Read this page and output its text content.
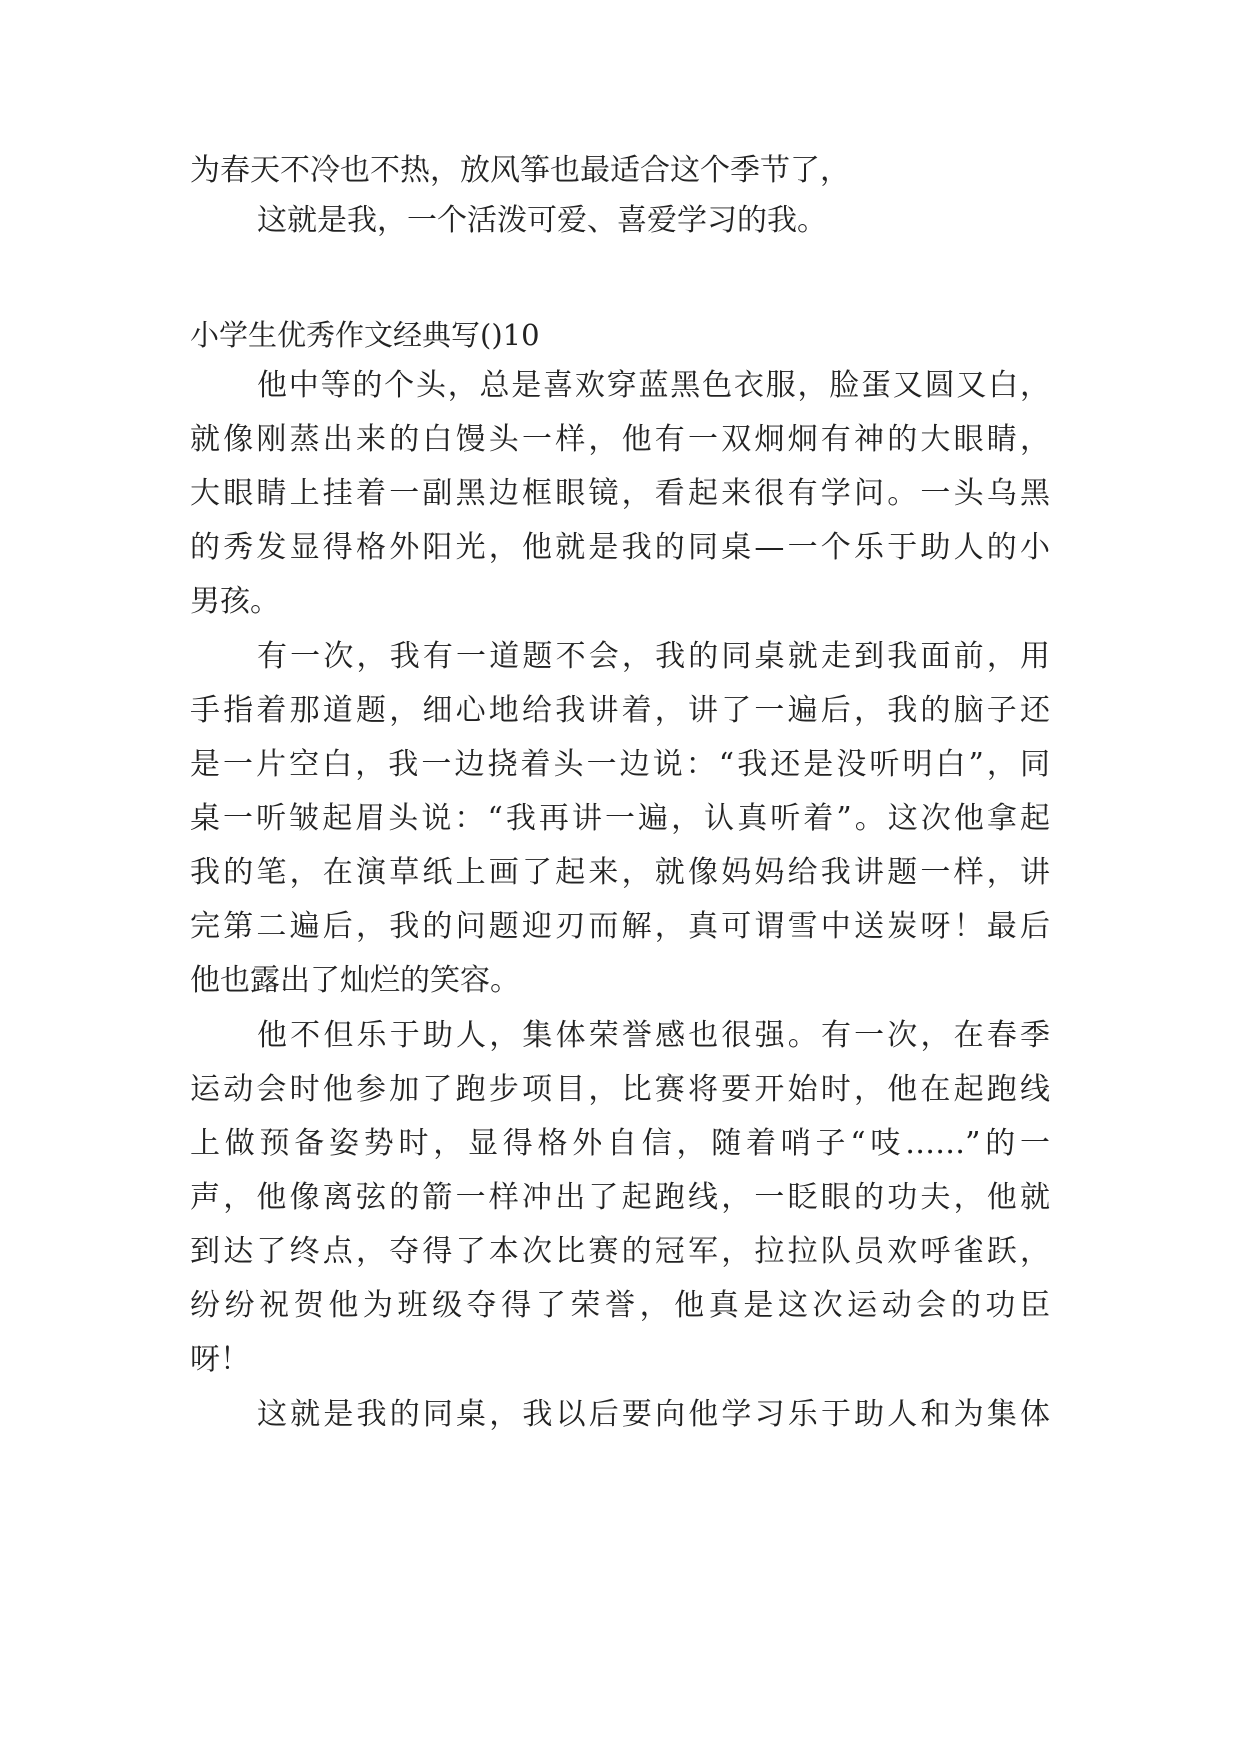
为春天不冷也不热，放风筝也最适合这个季节了，
这就是我，一个活泼可爱、喜爱学习的我。
小学生优秀作文经典写()10
他中等的个头，总是喜欢穿蓝黑色衣服，脸蛋又圆又白，
就像刚蒸出来的白馒头一样，他有一双炯炯有神的大眼睛，
大眼睛上挂着一副黑边框眼镜，看起来很有学问。一头乌黑
的秀发显得格外阳光，他就是我的同桌—一个乐于助人的小
男孩。
有一次，我有一道题不会，我的同桌就走到我面前，用
手指着那道题，细心地给我讲着，讲了一遍后，我的脑子还
是一片空白，我一边挠着头一边说：“我还是没听明白”，同
桌一听皱起眉头说：“我再讲一遍，认真听着”。这次他拿起
我的笔，在演草纸上画了起来，就像妈妈给我讲题一样，讲
完第二遍后，我的问题迎刃而解，真可谓雪中送炭呀！最后
他也露出了灿烂的笑容。
他不但乐于助人，集体荣誉感也很强。有一次，在春季
运动会时他参加了跑步项目，比赛将要开始时，他在起跑线
上做预备姿势时，显得格外自信，随着哨子“吱……”的一
声，他像离弦的箭一样冲出了起跑线，一眨眼的功夫，他就
到达了终点，夺得了本次比赛的冠军，拉拉队员欢呼雀跃，
纷纷祝贺他为班级夺得了荣誉，他真是这次运动会的功臣
呀！
这就是我的同桌，我以后要向他学习乐于助人和为集体
